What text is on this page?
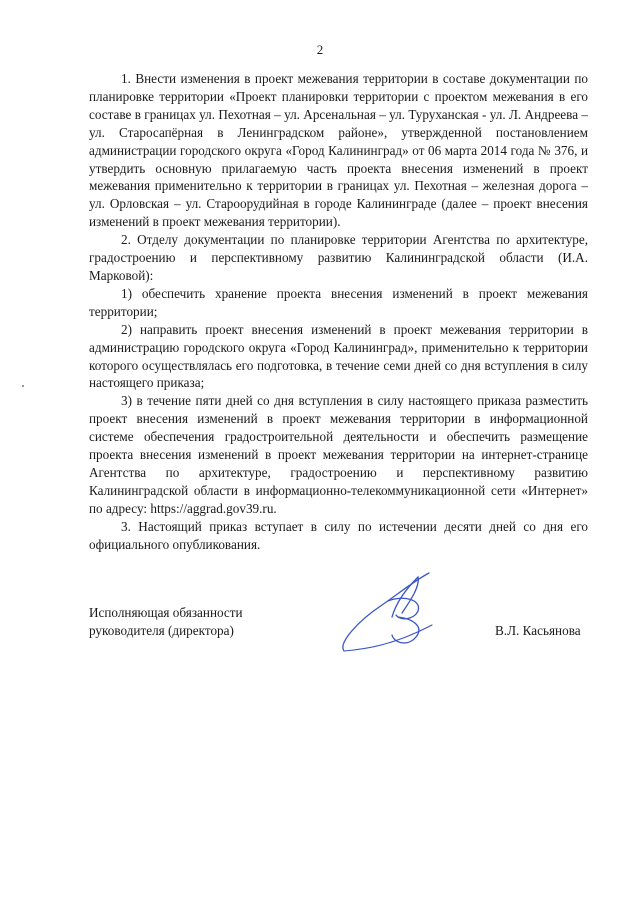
2

1. Внести изменения в проект межевания территории в составе документации по планировке территории «Проект планировки территории с проектом межевания в его составе в границах ул. Пехотная – ул. Арсенальная – ул. Туруханская - ул. Л. Андреева – ул. Старосапёрная в Ленинградском районе», утвержденной постановлением администрации городского округа «Город Калининград» от 06 марта 2014 года № 376, и утвердить основную прилагаемую часть проекта внесения изменений в проект межевания применительно к территории в границах ул. Пехотная – железная дорога – ул. Орловская – ул. Староорудийная в городе Калининграде (далее – проект внесения изменений в проект межевания территории).

2. Отделу документации по планировке территории Агентства по архитектуре, градостроению и перспективному развитию Калининградской области (И.А. Марковой):

1) обеспечить хранение проекта внесения изменений в проект межевания территории;

2) направить проект внесения изменений в проект межевания территории в администрацию городского округа «Город Калининград», применительно к территории которого осуществлялась его подготовка, в течение семи дней со дня вступления в силу настоящего приказа;

3) в течение пяти дней со дня вступления в силу настоящего приказа разместить проект внесения изменений в проект межевания территории в информационной системе обеспечения градостроительной деятельности и обеспечить размещение проекта внесения изменений в проект межевания территории на интернет-странице Агентства по архитектуре, градостроению и перспективному развитию Калининградской области в информационно-телекоммуникационной сети «Интернет» по адресу: https://aggrad.gov39.ru.

3. Настоящий приказ вступает в силу по истечении десяти дней со дня его официального опубликования.

Исполняющая обязанности
руководителя (директора)	В.Л. Касьянова
